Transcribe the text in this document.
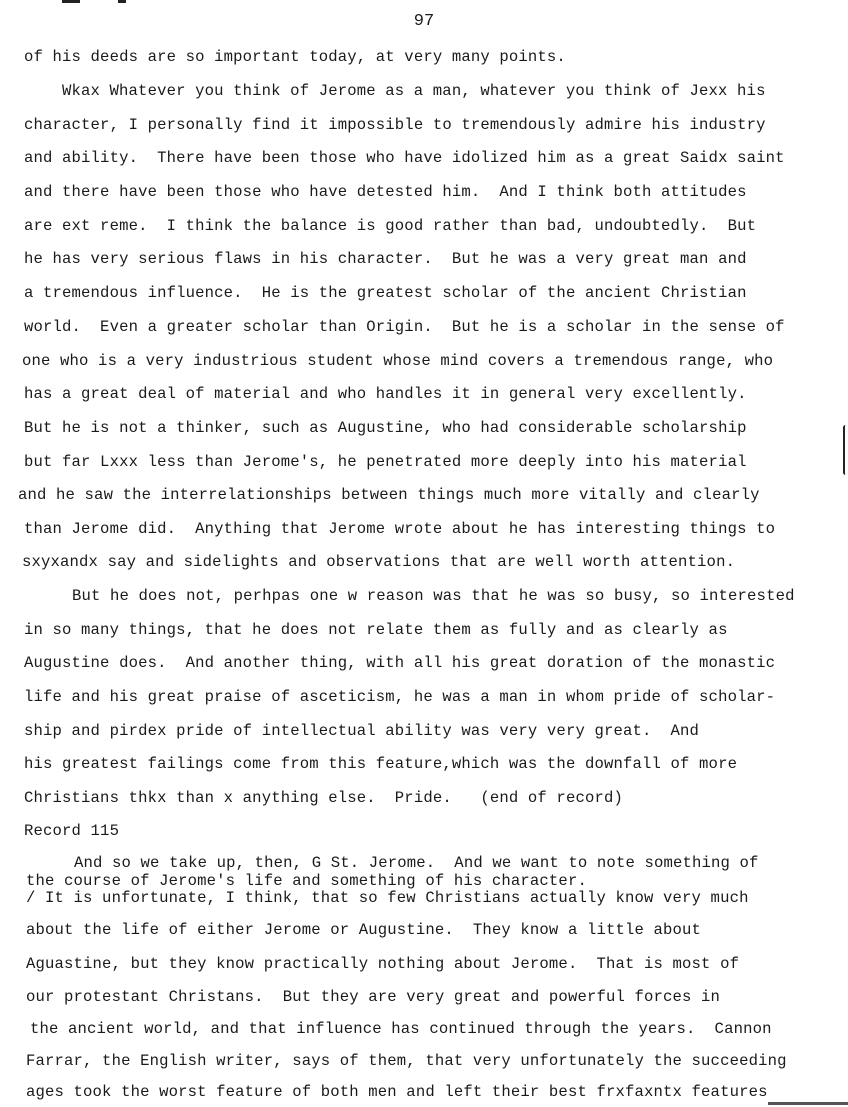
97
of his deeds are so important today, at very many points.
Wkax Whatever you think of Jerome as a man, whatever you think of Jexx his
character, I personally find it impossible to tremendously admire his industry
and ability.  There have been those who have idolized him as a great Saidx saint
and there have been those who have detested him.  And I think both attitudes
are ext reme.  I think the balance is good rather than bad, undoubtedly.  But
he has very serious flaws in his character.  But he was a very great man and
a tremendous influence.  He is the greatest scholar of the ancient Christian
world.  Even a greater scholar than Origin.  But he is a scholar in the sense of
one who is a very industrious student whose mind covers a tremendous range, who
has a great deal of material and who handles it in general very excellently.
But he is not a thinker, such as Augustine, who had considerable scholarship
but far Lxxx less than Jerome's, he penetrated more deeply into his material
and he saw the interrelationships between things much more vitally and clearly
than Jerome did.  Anything that Jerome wrote about he has interesting things to
sxyxandx say and sidelights and observations that are well worth attention.
But he does not, perhpas one w reason was that he was so busy, so interested
in so many things, that he does not relate them as fully and as clearly as
Augustine does.  And another thing, with all his great doration of the monastic
life and his great praise of asceticism, he was a man in whom pride of scholar-
ship and pirdex pride of intellectual ability was very very great.  And
his greatest failings come from this feature,which was the downfall of more
Christians thkx than x anything else.  Pride.   (end of record)
Record 115
And so we take up, then, G St. Jerome.  And we want to note something of
the course of Jerome's life and something of his character.
/ It is unfortunate, I think, that so few Christians actually know very much
about the life of either Jerome or Augustine.  They know a little about
Aguastine, but they know practically nothing about Jerome.  That is most of
our protestant Christans.  But they are very great and powerful forces in
the ancient world, and that influence has continued through the years.  Cannon
Farrar, the English writer, says of them, that very unfortunately the succeeding
ages took the worst feature of both men and left their best frxfaxntx features
